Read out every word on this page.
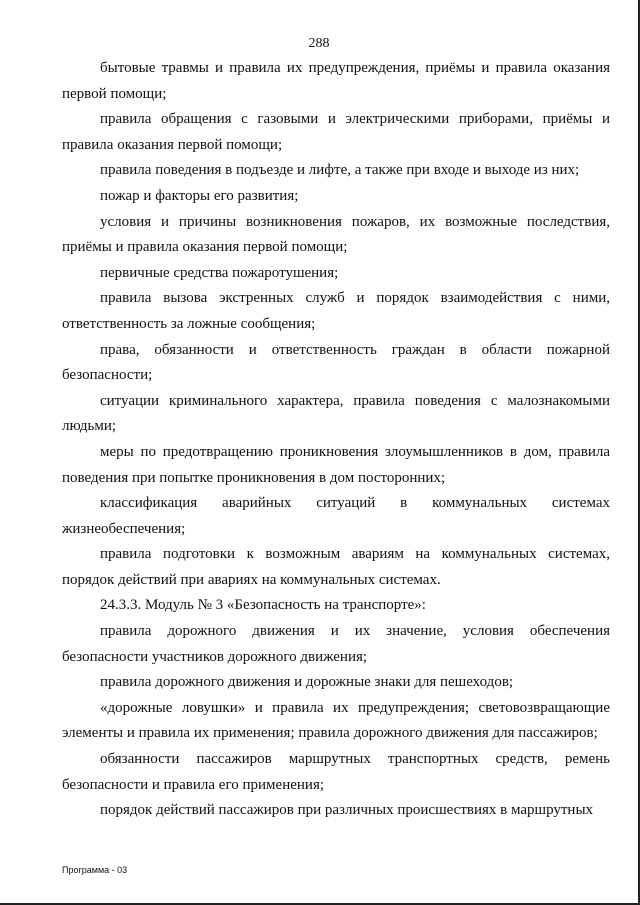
288

бытовые травмы и правила их предупреждения, приёмы и правила оказания первой помощи;

правила обращения с газовыми и электрическими приборами, приёмы и правила оказания первой помощи;

правила поведения в подъезде и лифте, а также при входе и выходе из них;

пожар и факторы его развития;

условия и причины возникновения пожаров, их возможные последствия, приёмы и правила оказания первой помощи;

первичные средства пожаротушения;

правила вызова экстренных служб и порядок взаимодействия с ними, ответственность за ложные сообщения;

права, обязанности и ответственность граждан в области пожарной безопасности;

ситуации криминального характера, правила поведения с малознакомыми людьми;

меры по предотвращению проникновения злоумышленников в дом, правила поведения при попытке проникновения в дом посторонних;

классификация аварийных ситуаций в коммунальных системах жизнеобеспечения;

правила подготовки к возможным авариям на коммунальных системах, порядок действий при авариях на коммунальных системах.

24.3.3. Модуль № 3 «Безопасность на транспорте»:

правила дорожного движения и их значение, условия обеспечения безопасности участников дорожного движения;

правила дорожного движения и дорожные знаки для пешеходов;

«дорожные ловушки» и правила их предупреждения; световозвращающие элементы и правила их применения; правила дорожного движения для пассажиров;

обязанности пассажиров маршрутных транспортных средств, ремень безопасности и правила его применения;

порядок действий пассажиров при различных происшествиях в маршрутных

Программа - 03
